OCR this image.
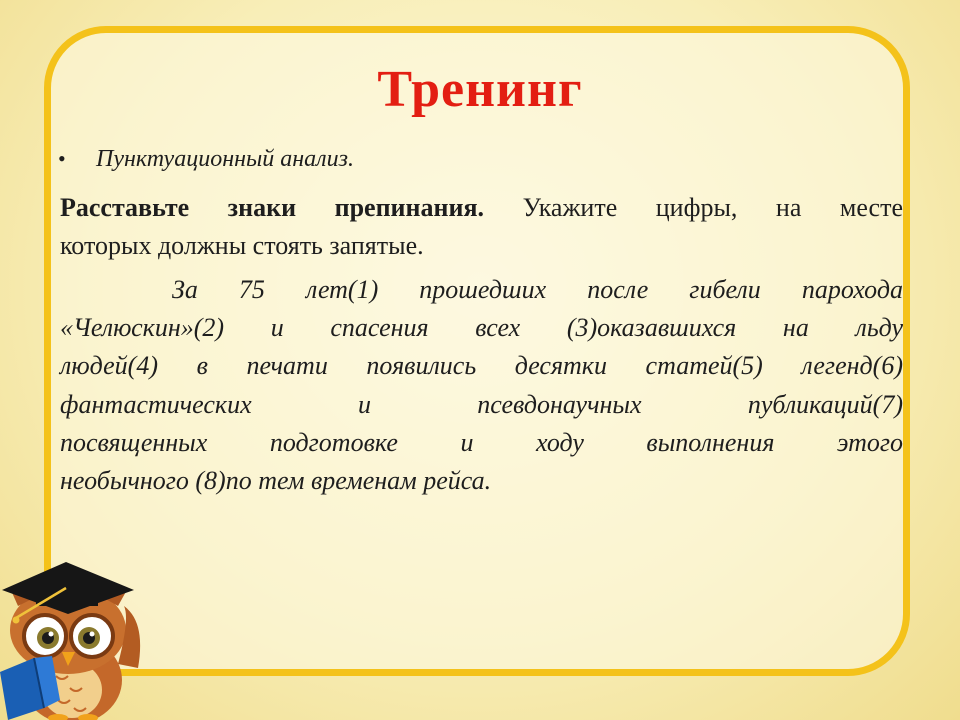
Тренинг
•	Пунктуационный анализ.
Расставьте знаки препинания. Укажите цифры, на месте
которых должны стоять запятые.
За 75 лет(1) прошедших после гибели парохода
«Челюскин»(2) и спасения всех (3)оказавшихся на льду
людей(4) в печати появились десятки статей(5) легенд(6)
фантастических и псевдонаучных публикаций(7)
посвященных подготовке и ходу выполнения этого
необычного (8)по тем временам рейса.
